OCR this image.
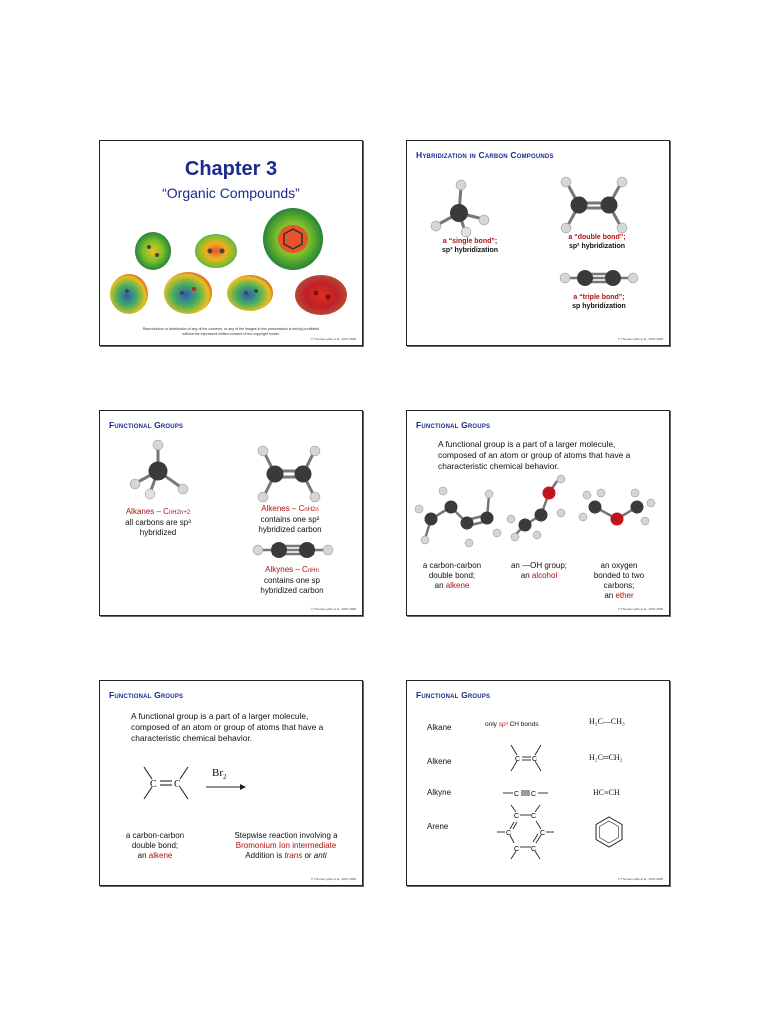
Chapter 3
“Organic Compounds”
Reproduction or distribution of any of the contents, or any of the images in this presentation is strictly prohibited
without the expressed written consent of the copyright holder.
© Thomas Lyttle et al., 2007-2008
Hybridization in Carbon Compounds
a “single bond”;
sp³ hybridization
a “double bond”;
sp² hybridization
a “triple bond”;
sp hybridization
© Thomas Lyttle et al., 2007-2008
Functional Groups
Alkanes – CnH2n+2
all carbons are sp³
hybridized
Alkenes – CnH2n
contains one sp²
hybridized carbon
Alkynes – CnHn
contains one sp
hybridized carbon
© Thomas Lyttle et al., 2007-2008
Functional Groups
A functional group is a part of a larger molecule,
composed of an atom or group of atoms that have a
characteristic chemical behavior.
a carbon-carbon
double bond;
an alkene
an —OH group;
an alcohol
an oxygen
bonded to two
carbons;
an ether
© Thomas Lyttle et al., 2007-2008
Functional Groups
A functional group is a part of a larger molecule,
composed of an atom or group of atoms that have a
characteristic chemical behavior.
C C
$Br_2$
a carbon-carbon
double bond;
an alkene
Stepwise reaction involving a
Bromonium Ion intermediate
Addition is trans or anti
© Thomas Lyttle et al., 2007-2008
Functional Groups
Alkane
Alkene
Alkyne
Arene
only sp³ CH bonds	H₃C—CH₃
H₂C═CH₂
HC≡CH
C C
C C
C C
C	C
C C
© Thomas Lyttle et al., 2007-2008
